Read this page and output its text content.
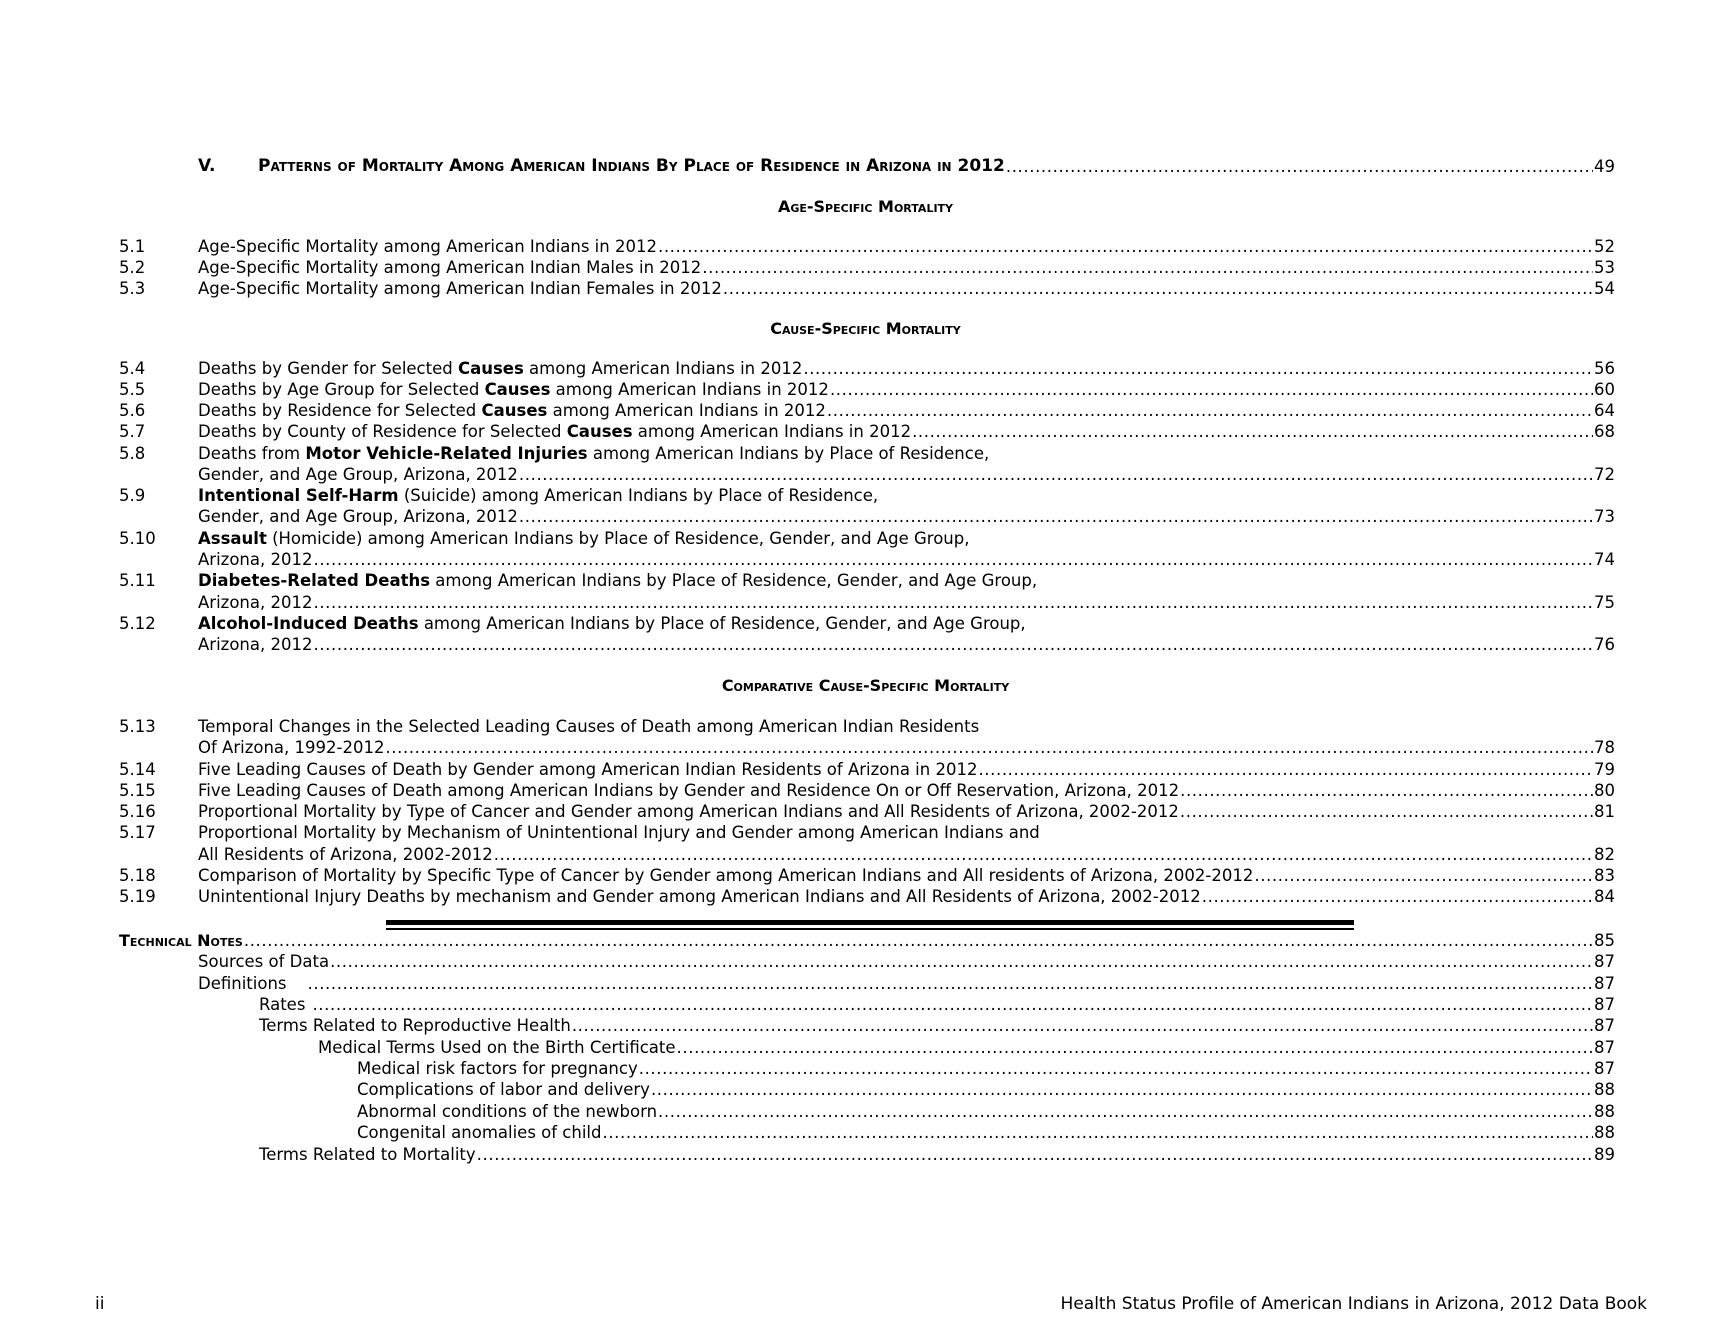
V.	Patterns of Mortality Among American Indians By Place of Residence in Arizona in 2012 .....	49
Age-Specific Mortality
5.1	Age-Specific Mortality among American Indians in 2012 .....	52
5.2	Age-Specific Mortality among American Indian Males in 2012 .....	53
5.3	Age-Specific Mortality among American Indian Females in 2012 .....	54
Cause-Specific Mortality
5.4	Deaths by Gender for Selected Causes among American Indians in 2012 .....	56
5.5	Deaths by Age Group for Selected Causes among American Indians in 2012 .....	60
5.6	Deaths by Residence for Selected Causes among American Indians in 2012 .....	64
5.7	Deaths by County of Residence for Selected Causes among American Indians in 2012 .....	68
5.8	Deaths from Motor Vehicle-Related Injuries among American Indians by Place of Residence,
Gender, and Age Group, Arizona, 2012 .....	72
5.9	Intentional Self-Harm (Suicide) among American Indians by Place of Residence,
Gender, and Age Group, Arizona, 2012 .....	73
5.10	Assault (Homicide) among American Indians by Place of Residence, Gender, and Age Group,
Arizona, 2012 .....	74
5.11	Diabetes-Related Deaths among American Indians by Place of Residence, Gender, and Age Group,
Arizona, 2012 .....	75
5.12	Alcohol-Induced Deaths among American Indians by Place of Residence, Gender, and Age Group,
Arizona, 2012 .....	76
Comparative Cause-Specific Mortality
5.13	Temporal Changes in the Selected Leading Causes of Death among American Indian Residents
Of Arizona, 1992-2012 .....	78
5.14	Five Leading Causes of Death by Gender among American Indian Residents of Arizona in 2012 .....	79
5.15	Five Leading Causes of Death among American Indians by Gender and Residence On or Off Reservation, Arizona, 2012 .....	80
5.16	Proportional Mortality by Type of Cancer and Gender among American Indians and All Residents of Arizona, 2002-2012 .....	81
5.17	Proportional Mortality by Mechanism of Unintentional Injury and Gender among American Indians and
All Residents of Arizona, 2002-2012 .....	82
5.18	Comparison of Mortality by Specific Type of Cancer by Gender among American Indians and All residents of Arizona, 2002-2012 .....	83
5.19	Unintentional Injury Deaths by mechanism and Gender among American Indians and All Residents of Arizona, 2002-2012 .....	84
Technical Notes .....	85
Sources of Data .....	87
Definitions .....	87
Rates .....	87
Terms Related to Reproductive Health .....	87
Medical Terms Used on the Birth Certificate .....	87
Medical risk factors for pregnancy .....	87
Complications of labor and delivery .....	88
Abnormal conditions of the newborn .....	88
Congenital anomalies of child .....	88
Terms Related to Mortality .....	89
ii	Health Status Profile of American Indians in Arizona, 2012 Data Book
